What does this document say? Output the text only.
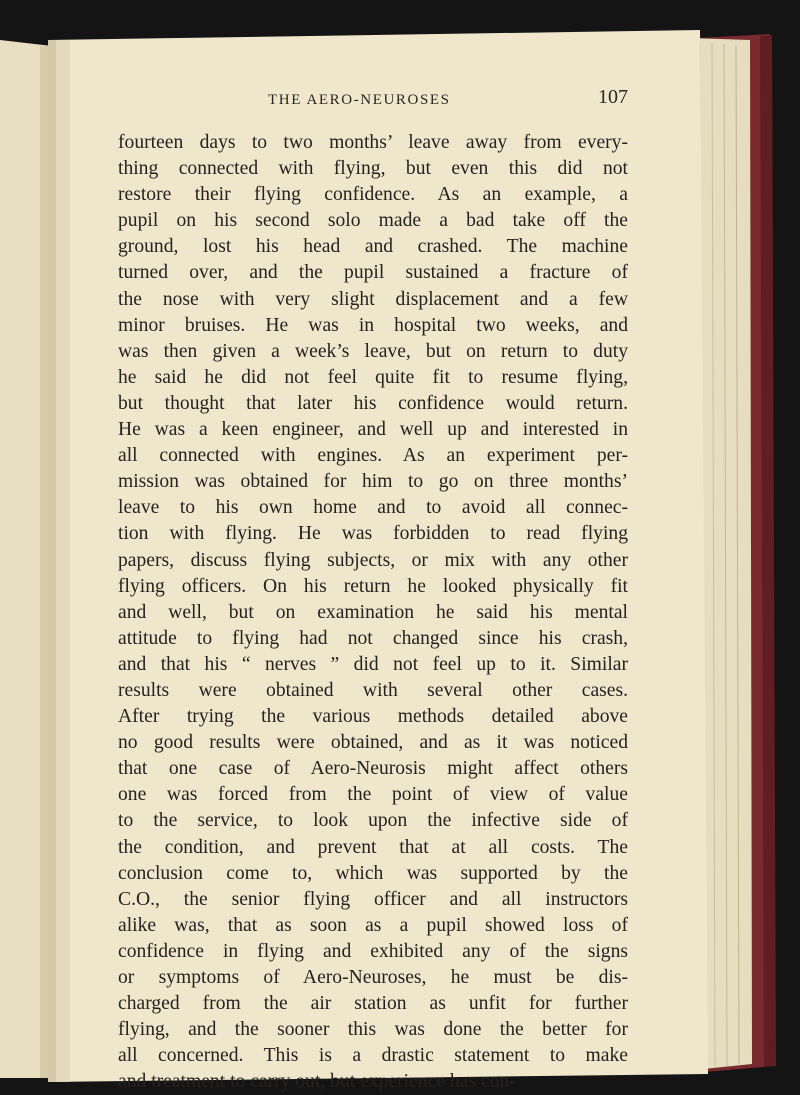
THE AERO-NEUROSES	107
fourteen days to two months’ leave away from every-
thing connected with flying, but even this did not
restore their flying confidence. As an example, a
pupil on his second solo made a bad take off the
ground, lost his head and crashed. The machine
turned over, and the pupil sustained a fracture of
the nose with very slight displacement and a few
minor bruises. He was in hospital two weeks, and
was then given a week’s leave, but on return to duty
he said he did not feel quite fit to resume flying,
but thought that later his confidence would return.
He was a keen engineer, and well up and interested in
all connected with engines. As an experiment per-
mission was obtained for him to go on three months’
leave to his own home and to avoid all connec-
tion with flying. He was forbidden to read flying
papers, discuss flying subjects, or mix with any other
flying officers. On his return he looked physically fit
and well, but on examination he said his mental
attitude to flying had not changed since his crash,
and that his “ nerves ” did not feel up to it. Similar
results were obtained with several other cases.
After trying the various methods detailed above
no good results were obtained, and as it was noticed
that one case of Aero-Neurosis might affect others
one was forced from the point of view of value
to the service, to look upon the infective side of
the condition, and prevent that at all costs. The
conclusion come to, which was supported by the
C.O., the senior flying officer and all instructors
alike was, that as soon as a pupil showed loss of
confidence in flying and exhibited any of the signs
or symptoms of Aero-Neuroses, he must be dis-
charged from the air station as unfit for further
flying, and the sooner this was done the better for
all concerned. This is a drastic statement to make
and treatment to carry out, but experience has con-
